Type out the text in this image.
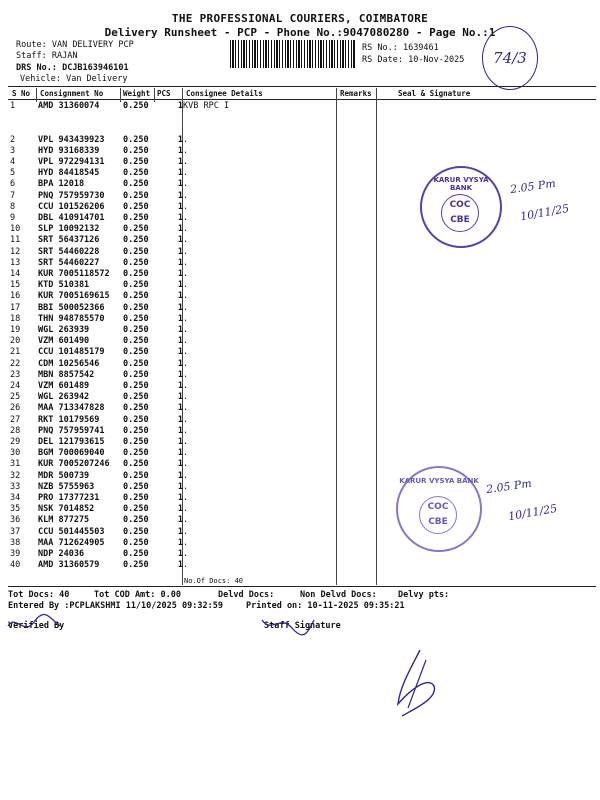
THE PROFESSIONAL COURIERS, COIMBATORE
Delivery Runsheet - PCP - Phone No.:9047080280 - Page No.:1
Route: VAN DELIVERY PCP
Staff: RAJAN
DRS No.: DCJB163946101
Vehicle: Van Delivery
RS No.: 1639461
RS Date: 10-Nov-2025	74/3
S No Consignment No	Weight PCS Consignee Details	Remarks	Seal & Signature
1	AMD 31360074	0.250	1	KVB RPC I

2	VPL 943439923	0.250	1	.
3	HYD 93168339	0.250	1	.
4	VPL 972294131	0.250	1	.
5	HYD 84418545	0.250	1	.
6	BPA 12018	0.250	1	.
7	PNQ 757959730	0.250	1	.
8	CCU 101526206	0.250	1	.
9	DBL 410914701	0.250	1	.
10	SLP 10092132	0.250	1	.
11	SRT 56437126	0.250	1	.
12	SRT 54460228	0.250	1	.
13	SRT 54460227	0.250	1	.
14	KUR 7005118572	0.250	1	.
15	KTD 510381	0.250	1	.
16	KUR 7005169615	0.250	1	.
17	BBI 500052366	0.250	1	.
18	THN 948785570	0.250	1	.
19	WGL 263939	0.250	1	.
20	VZM 601490	0.250	1	.
21	CCU 101485179	0.250	1	.
22	CDM 10256546	0.250	1	.
23	MBN 8857542	0.250	1	.
24	VZM 601489	0.250	1	.
25	WGL 263942	0.250	1	.
26	MAA 713347828	0.250	1	.
27	RKT 10179569	0.250	1	.
28	PNQ 757959741	0.250	1	.
29	DEL 121793615	0.250	1	.
30	BGM 700069040	0.250	1	.
31	KUR 7005207246	0.250	1	.
32	MDR 500739	0.250	1	.
33	NZB 5755963	0.250	1	.
34	PRO 17377231	0.250	1	.
35	NSK 7014852	0.250	1	.
36	KLM 877275	0.250	1	.
37	CCU 501445503	0.250	1	.
38	MAA 712624905	0.250	1	.
39	NDP 24036	0.250	1	.
40	AMD 31360579	0.250	1	.
No.Of Docs: 40
Tot Docs: 40	Tot COD Amt: 0.00	Delvd Docs:	Non Delvd Docs: Delvy pts:
Entered By :PCPLAKSHMI 11/10/2025 09:32:59	Printed on: 10-11-2025 09:35:21
Verified By	Staff Signature
KARUR VYSYA BANK
COC
CBE
2.05 Pm
10/11/25
KARUR VYSYA BANK
COC
CBE
2.05 Pm
10/11/25
